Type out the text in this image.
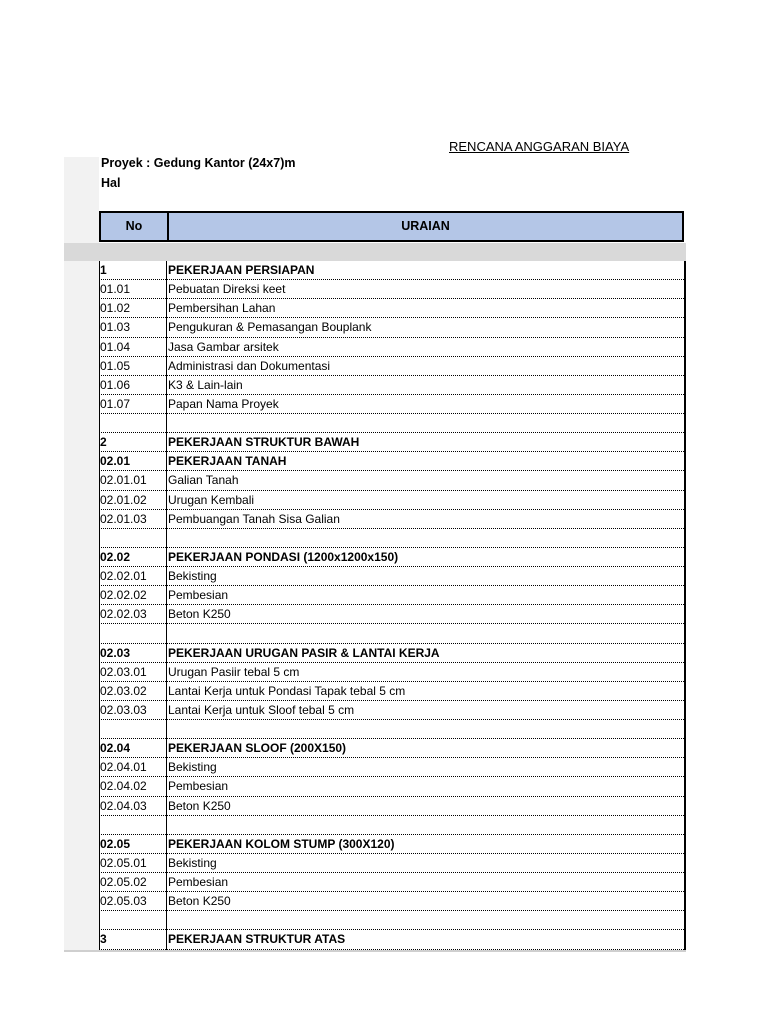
RENCANA ANGGARAN BIAYA
Proyek : Gedung Kantor (24x7)m
Hal
No	URAIAN
1	PEKERJAAN PERSIAPAN
01.01	Pebuatan Direksi keet
01.02	Pembersihan Lahan
01.03	Pengukuran & Pemasangan Bouplank
01.04	Jasa Gambar arsitek
01.05	Administrasi dan Dokumentasi
01.06	K3 & Lain-lain
01.07	Papan Nama Proyek
2	PEKERJAAN STRUKTUR BAWAH
02.01	PEKERJAAN TANAH
02.01.01	Galian Tanah
02.01.02	Urugan Kembali
02.01.03	Pembuangan Tanah Sisa Galian
02.02	PEKERJAAN PONDASI (1200x1200x150)
02.02.01	Bekisting
02.02.02	Pembesian
02.02.03	Beton K250
02.03	PEKERJAAN URUGAN PASIR & LANTAI KERJA
02.03.01	Urugan Pasiir tebal 5 cm
02.03.02	Lantai Kerja untuk Pondasi Tapak tebal 5 cm
02.03.03	Lantai Kerja untuk Sloof tebal 5 cm
02.04	PEKERJAAN SLOOF (200X150)
02.04.01	Bekisting
02.04.02	Pembesian
02.04.03	Beton K250
02.05	PEKERJAAN KOLOM STUMP (300X120)
02.05.01	Bekisting
02.05.02	Pembesian
02.05.03	Beton K250
3	PEKERJAAN STRUKTUR ATAS
